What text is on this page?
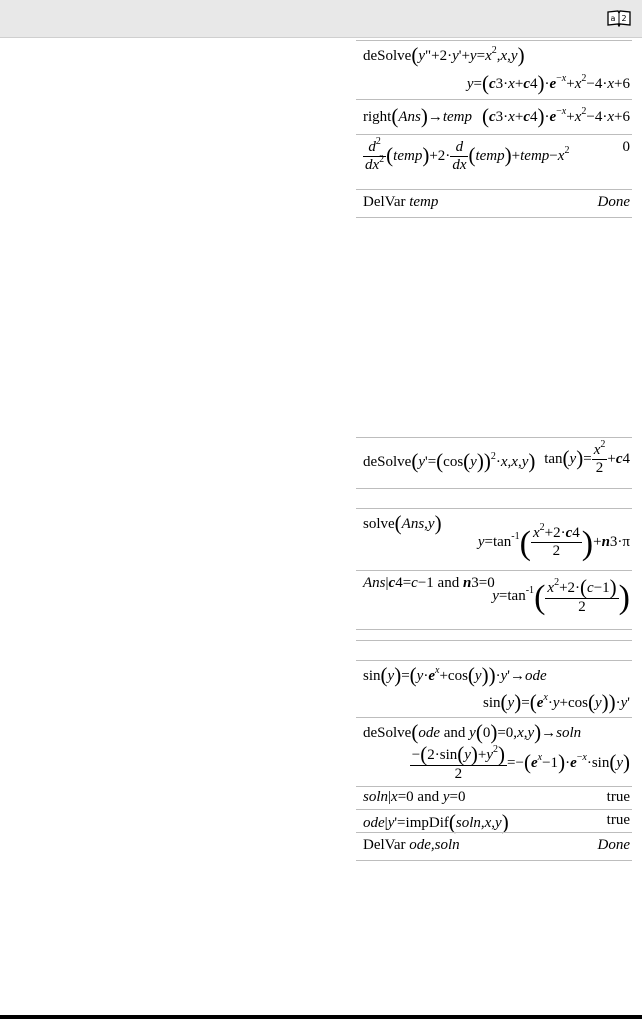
a 2
$deSolve(y"+2\cdot y'+y=x^2,x,y)$
$y=(c3\cdot x+c4)\cdot e^{-x}+x^2-4\cdot x+6$
right(Ans)→temp $(c3\cdot x+c4)\cdot e^{-x}+x^2-4\cdot x+6$
$\frac{d^2}{dx^2}$ (temp)+2· $\frac{d}{dx}$ $(temp)+temp-x^2$	0
DelVar temp	Done
$deSolve(y'=(\cos(y))^2\cdot x,x,y)$ $\tan(y)= \frac{x^2}{2} +c4$
solve(Ans,y)
$y=\tan^{-1}( \frac{x^2+2\cdot c4}{2} )+n3\cdot\pi$
Ans|c4=c−1 and n3=0
$y=\tan^{-1}( \frac{x^2+2\cdot(c-1)}{2}$ )
$\sin(y)=(y\cdot e^x+\cos(y))\cdot y'\to ode$
$\sin(y)=(e^x\cdot y+\cos(y))\cdot y'$
deSolve(ode and y(0)=0,x,y)→soln
$\frac{-(2\cdot\sin(y)+y^2)}{2} =-(e^x-1)\cdot e^{-x}\cdot\sin(y)$
soln|x=0 and y=0	true
ode|y'=impDif(soln,x,y)	true
DelVar ode,soln	Done
